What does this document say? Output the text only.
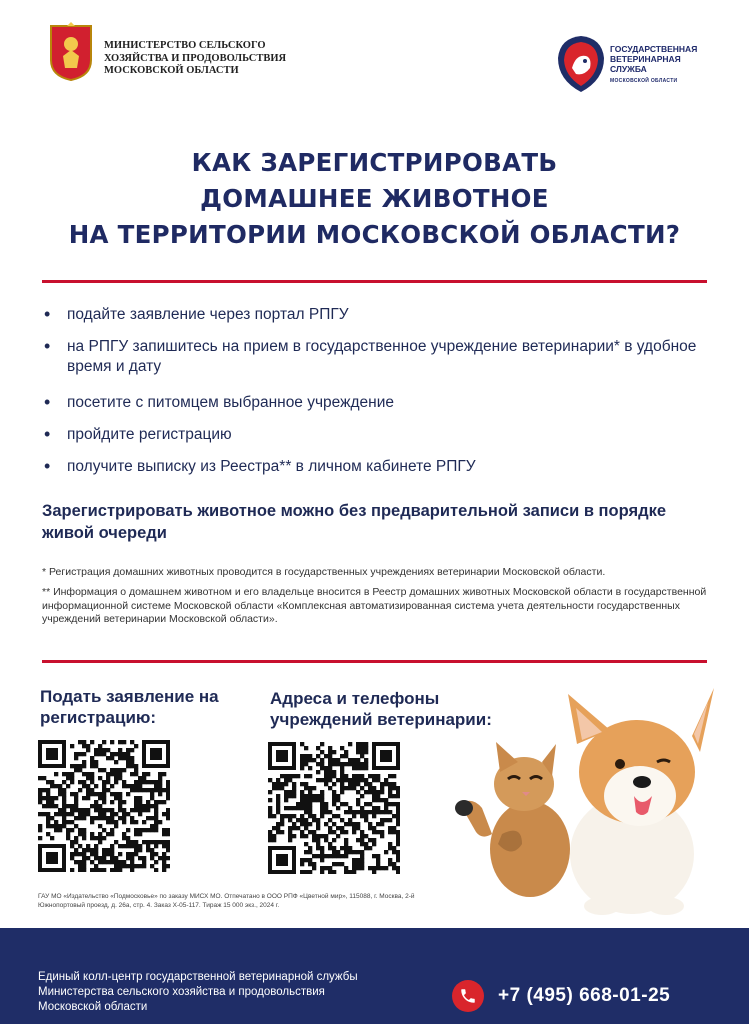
МИНИСТЕРСТВО СЕЛЬСКОГО
ХОЗЯЙСТВА И ПРОДОВОЛЬСТВИЯ
МОСКОВСКОЙ ОБЛАСТИ
ГОСУДАРСТВЕННАЯ
ВЕТЕРИНАРНАЯ
СЛУЖБА
МОСКОВСКОЙ ОБЛАСТИ
КАК ЗАРЕГИСТРИРОВАТЬ
ДОМАШНЕЕ ЖИВОТНОЕ
НА ТЕРРИТОРИИ МОСКОВСКОЙ ОБЛАСТИ?
• подайте заявление через портал РПГУ
• на РПГУ запишитесь на прием в государственное учреждение ветеринарии* в удобное время и дату
• посетите с питомцем выбранное учреждение
• пройдите регистрацию
• получите выписку из Реестра** в личном кабинете РПГУ
Зарегистрировать животное можно без предварительной записи в порядке живой очереди
* Регистрация домашних животных проводится в государственных учреждениях ветеринарии Московской области.
** Информация о домашнем животном и его владельце вносится в Реестр домашних животных Московской области в государственной информационной системе Московской области «Комплексная автоматизированная система учета деятельности государственных учреждений ветеринарии Московской области».
Подать заявление на регистрацию:
Адреса и телефоны учреждений ветеринарии:
ГАУ МО «Издательство «Подмосковье» по заказу МИСХ МО. Отпечатано в ООО РПФ «Цветной мир», 115088, г. Москва, 2-й Южнопортовый проезд, д. 26а, стр. 4. Заказ Х-05-117. Тираж 15 000 экз., 2024 г.
Единый колл-центр государственной ветеринарной службы
Министерства сельского хозяйства и продовольствия
Московской области
+7 (495) 668-01-25
